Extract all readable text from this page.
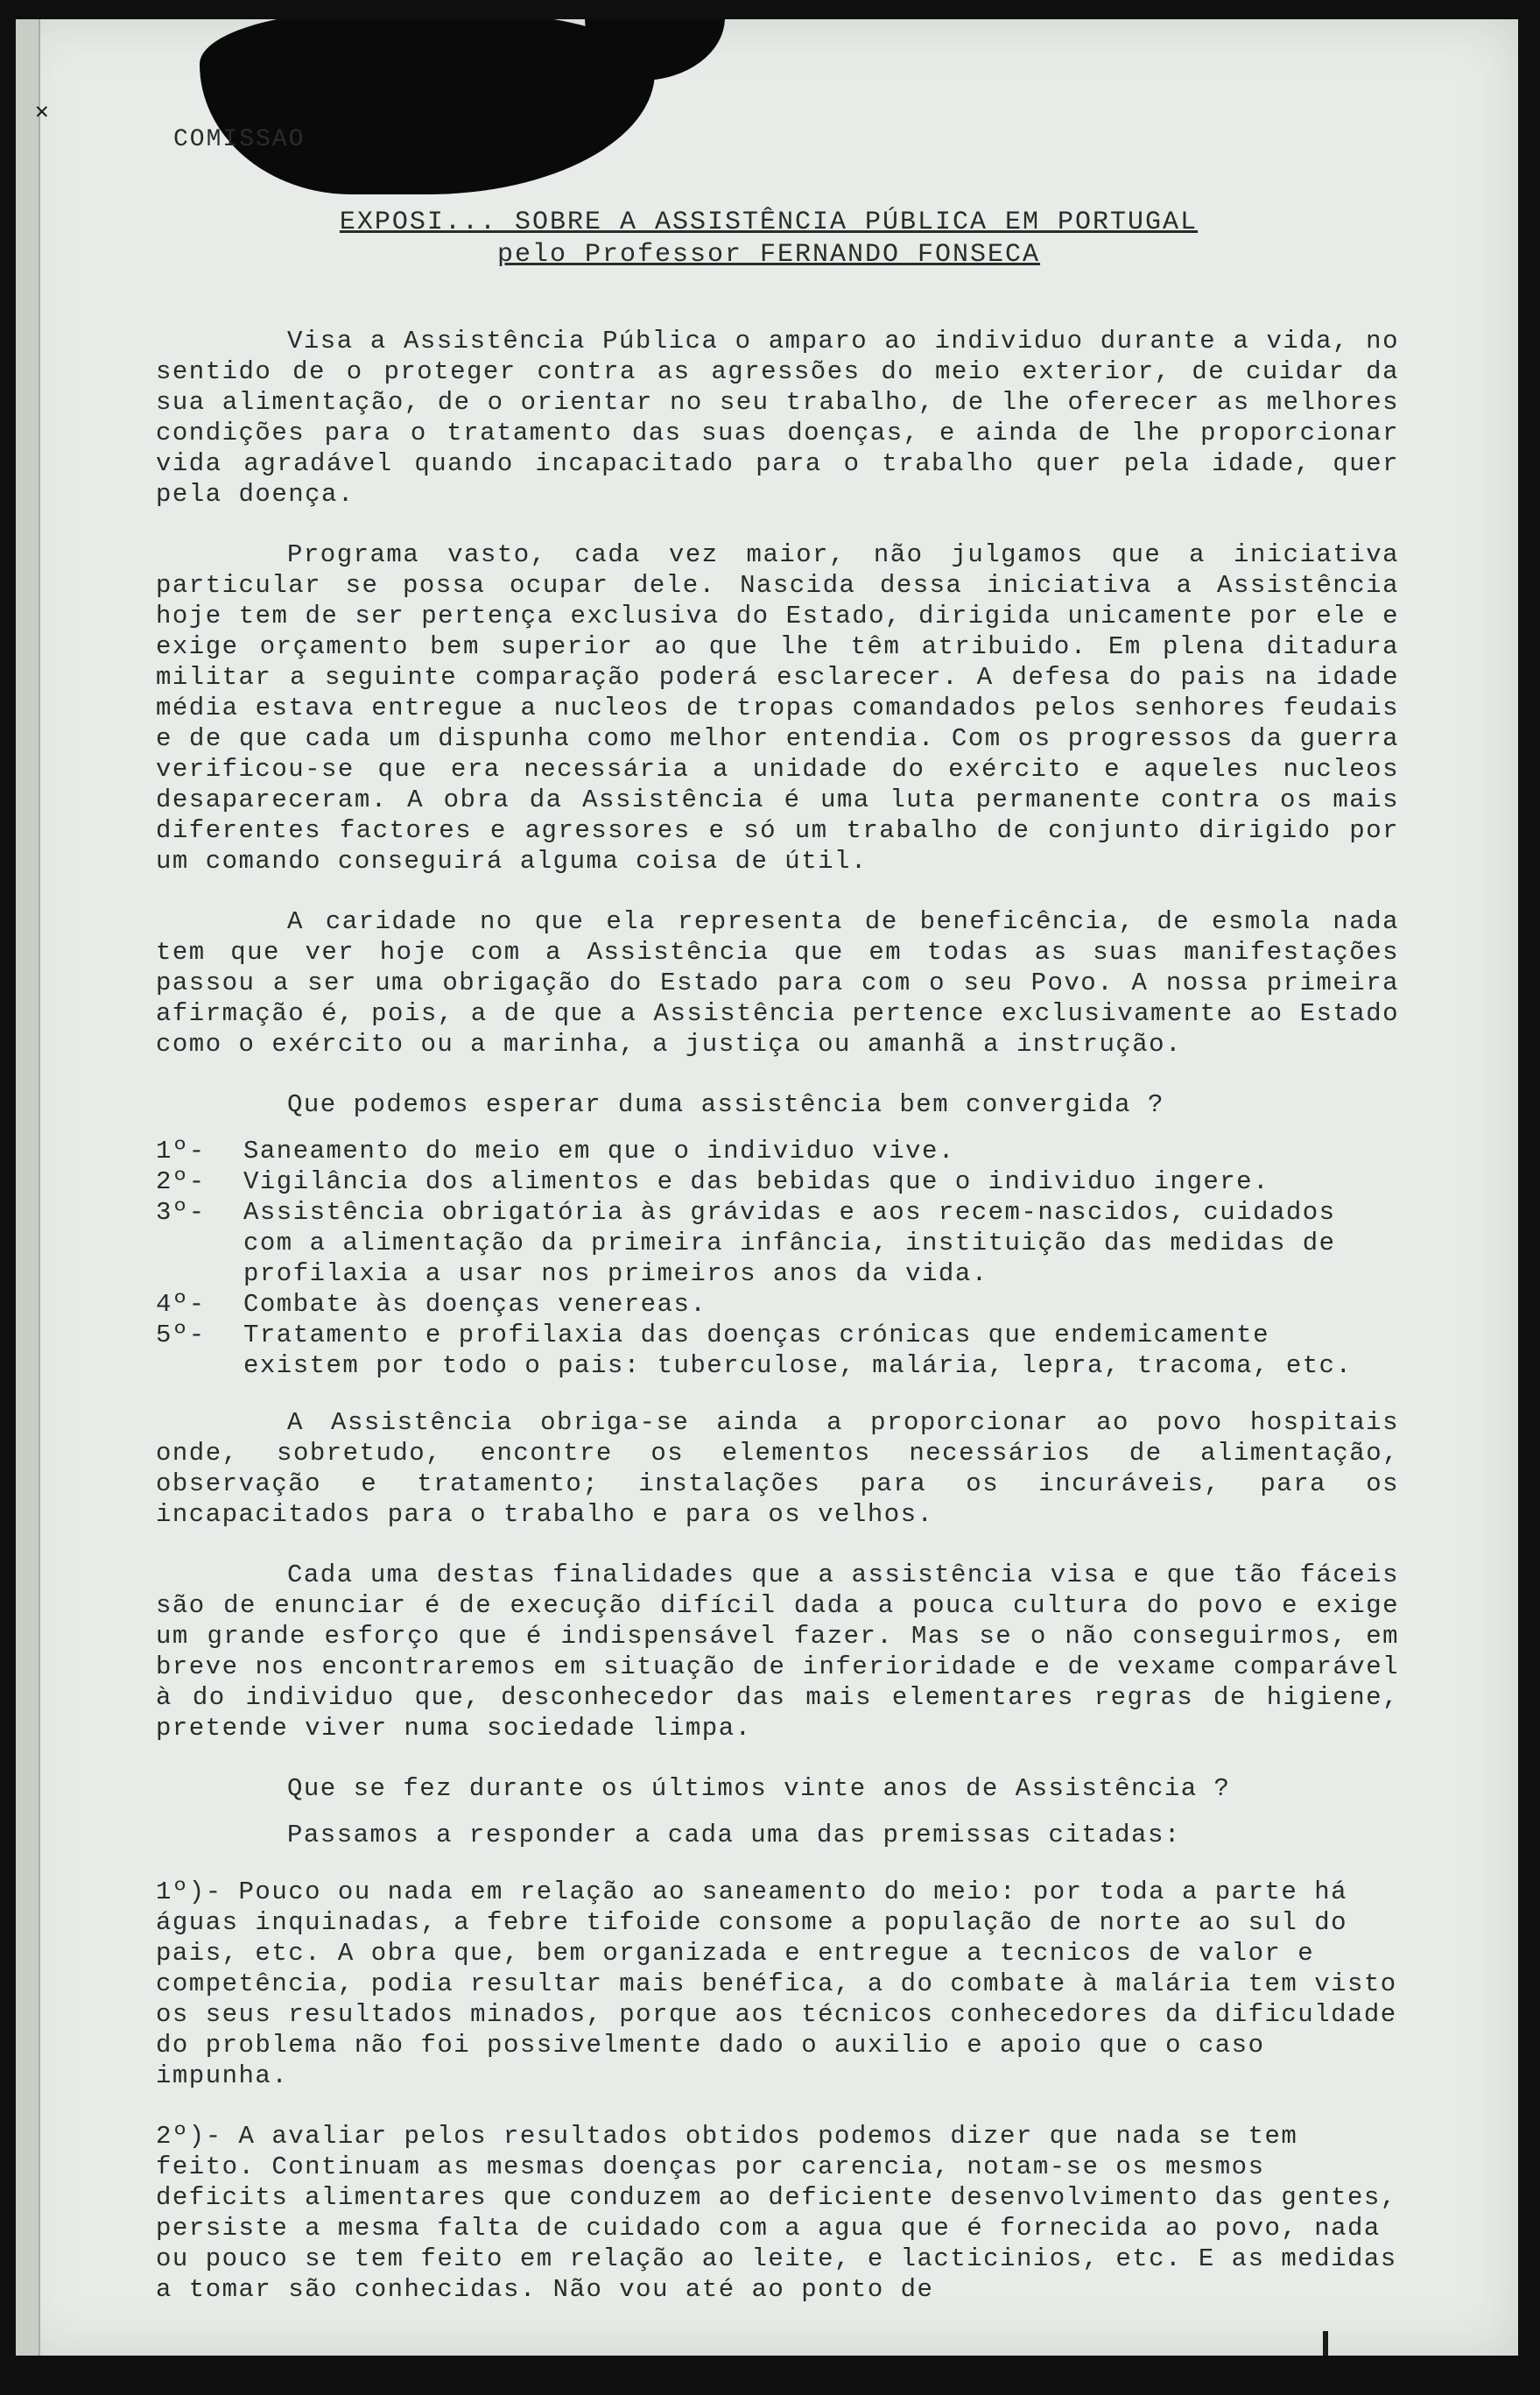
✕
COMISSAO
EXPOSI... SOBRE A ASSISTÊNCIA PÚBLICA EM PORTUGAL
pelo Professor FERNANDO FONSECA

Visa a Assistência Pública o amparo ao individuo durante a vida, no sentido de o proteger contra as agressões do meio exterior, de cuidar da sua alimentação, de o orientar no seu trabalho, de lhe oferecer as melhores condições para o tratamento das suas doenças, e ainda de lhe proporcionar vida agradável quando incapacitado para o trabalho quer pela idade, quer pela doença.

Programa vasto, cada vez maior, não julgamos que a iniciativa particular se possa ocupar dele. Nascida dessa iniciativa a Assistência hoje tem de ser pertença exclusiva do Estado, dirigida unicamente por ele e exige orçamento bem superior ao que lhe têm atribuido. Em plena ditadura militar a seguinte comparação poderá esclarecer. A defesa do pais na idade média estava entregue a nucleos de tropas comandados pelos senhores feudais e de que cada um dispunha como melhor entendia. Com os progressos da guerra verificou-se que era necessária a unidade do exército e aqueles nucleos desapareceram. A obra da Assistência é uma luta permanente contra os mais diferentes factores e agressores e só um trabalho de conjunto dirigido por um comando conseguirá alguma coisa de útil.

A caridade no que ela representa de beneficência, de esmola nada tem que ver hoje com a Assistência que em todas as suas manifestações passou a ser uma obrigação do Estado para com o seu Povo. A nossa primeira afirmação é, pois, a de que a Assistência pertence exclusivamente ao Estado como o exército ou a marinha, a justiça ou amanhã a instrução.

Que podemos esperar duma assistência bem convergida ?

1º- Saneamento do meio em que o individuo vive.
2º- Vigilância dos alimentos e das bebidas que o individuo ingere.
3º- Assistência obrigatória às grávidas e aos recem-nascidos, cuidados com a alimentação da primeira infância, instituição das medidas de profilaxia a usar nos primeiros anos da vida.
4º- Combate às doenças venereas.
5º- Tratamento e profilaxia das doenças crónicas que endemicamente existem por todo o pais: tuberculose, malária, lepra, tracoma, etc.

A Assistência obriga-se ainda a proporcionar ao povo hospitais onde, sobretudo, encontre os elementos necessários de alimentação, observação e tratamento; instalações para os incuráveis, para os incapacitados para o trabalho e para os velhos.

Cada uma destas finalidades que a assistência visa e que tão fáceis são de enunciar é de execução difícil dada a pouca cultura do povo e exige um grande esforço que é indispensável fazer. Mas se o não conseguirmos, em breve nos encontraremos em situação de inferioridade e de vexame comparável à do individuo que, desconhecedor das mais elementares regras de higiene, pretende viver numa sociedade limpa.

Que se fez durante os últimos vinte anos de Assistência ?

Passamos a responder a cada uma das premissas citadas:

1º)- Pouco ou nada em relação ao saneamento do meio: por toda a parte há águas inquinadas, a febre tifoide consome a população de norte ao sul do pais, etc. A obra que, bem organizada e entregue a tecnicos de valor e competência, podia resultar mais benéfica, a do combate à malária tem visto os seus resultados minados, porque aos técnicos conhecedores da dificuldade do problema não foi possivelmente dado o auxilio e apoio que o caso impunha.

2º)- A avaliar pelos resultados obtidos podemos dizer que nada se tem feito. Continuam as mesmas doenças por carencia, notam-se os mesmos deficits alimentares que conduzem ao deficiente desenvolvimento das gentes, persiste a mesma falta de cuidado com a agua que é fornecida ao povo, nada ou pouco se tem feito em relação ao leite, e lacticinios, etc. E as medidas a tomar são conhecidas. Não vou até ao ponto de
